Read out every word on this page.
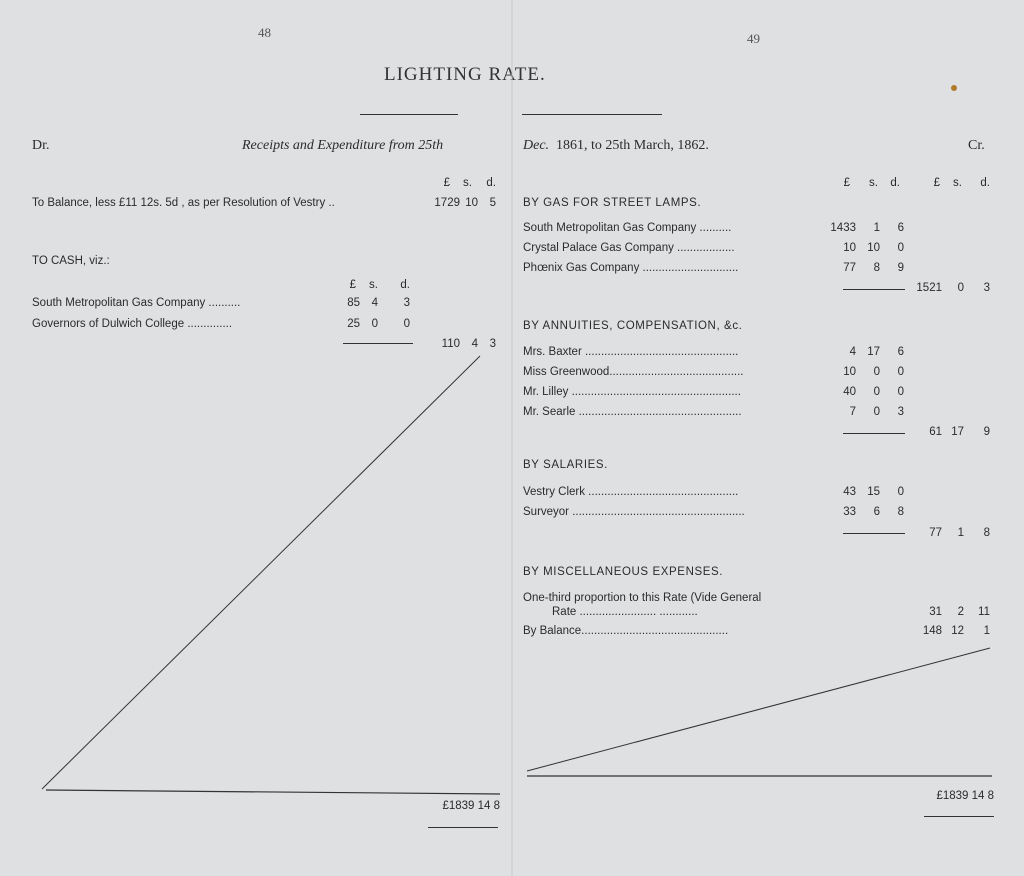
48	49
LIGHTING RATE.
Dr.	Receipts and Expenditure from 25th	Dec. 1861, to 25th March, 1862.	Cr.
£ s.	d.
To Balance, less £11 12s. 5d , as per Resolution of Vestry ..	1729 10	5
TO CASH, viz.:
£ s.	d.
South Metropolitan Gas Company ..........	85	4	3
Governors of Dulwich College ..............	25	0	0
110	4	3
£1839 14 8
£ s. d.	£ s.	d.
BY GAS FOR STREET LAMPS.
South Metropolitan Gas Company ..........	1433	1	6
Crystal Palace Gas Company ..................	10 10	0
Phœnix Gas Company ..............................	77	8	9
1521	0	3
BY ANNUITIES, COMPENSATION, &c.
Mrs. Baxter ................................................	4 17	6
Miss Greenwood..........................................	10	0	0
Mr. Lilley .....................................................	40	0	0
Mr. Searle ...................................................	7	0	3
61 17	9
BY SALARIES.
Vestry Clerk ...............................................	43 15	0
Surveyor ......................................................	33	6	8
77	1	8
BY MISCELLANEOUS EXPENSES.
One-third proportion to this Rate (Vide General
Rate ........................ ............	31	2 11
By Balance..............................................	148 12	1
£1839 14 8
